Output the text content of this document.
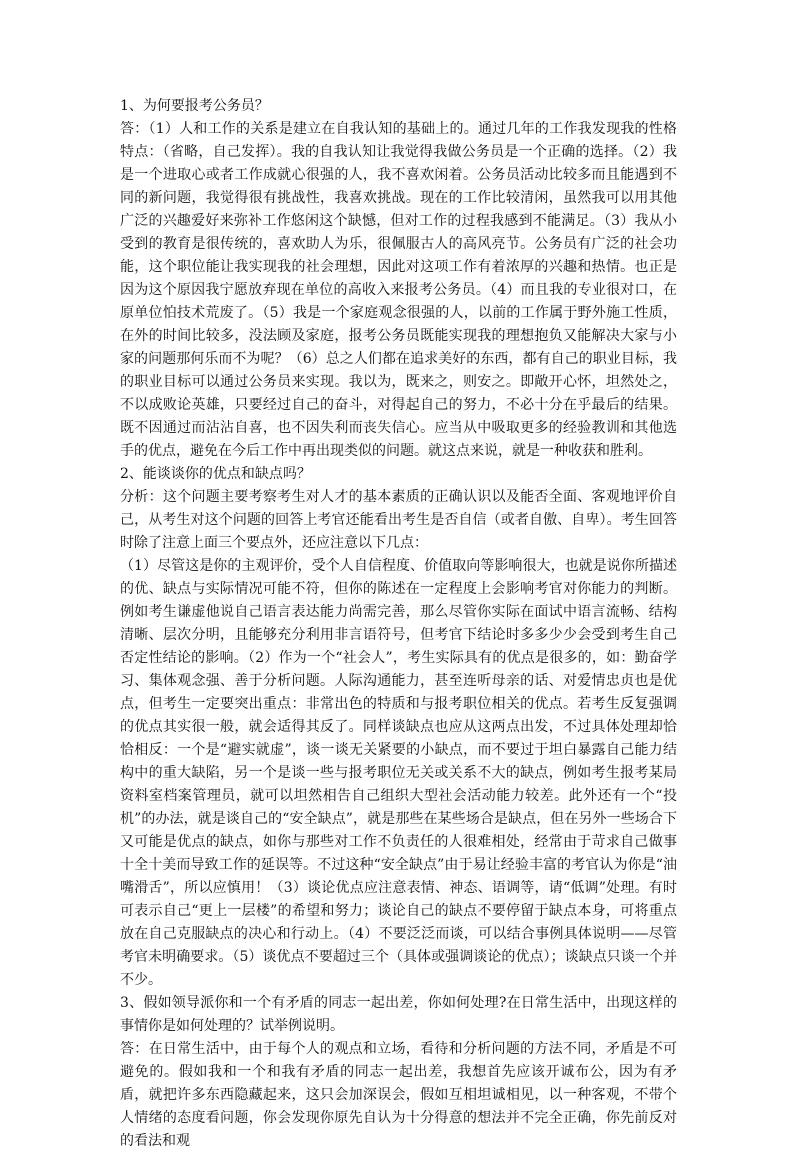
1、为何要报考公务员？

答：（1）人和工作的关系是建立在自我认知的基础上的。通过几年的工作我发现我的性格特点：（省略，自己发挥）。我的自我认知让我觉得我做公务员是一个正确的选择。（2）我是一个进取心或者工作成就心很强的人，我不喜欢闲着。公务员活动比较多而且能遇到不同的新问题，我觉得很有挑战性，我喜欢挑战。现在的工作比较清闲，虽然我可以用其他广泛的兴趣爱好来弥补工作悠闲这个缺憾，但对工作的过程我感到不能满足。（3）我从小受到的教育是很传统的，喜欢助人为乐，很佩服古人的高风亮节。公务员有广泛的社会功能，这个职位能让我实现我的社会理想，因此对这项工作有着浓厚的兴趣和热情。也正是因为这个原因我宁愿放弃现在单位的高收入来报考公务员。（4）而且我的专业很对口，在原单位怕技术荒废了。（5）我是一个家庭观念很强的人，以前的工作属于野外施工性质，在外的时间比较多，没法顾及家庭，报考公务员既能实现我的理想抱负又能解决大家与小家的问题那何乐而不为呢？（6）总之人们都在追求美好的东西，都有自己的职业目标，我的职业目标可以通过公务员来实现。我以为，既来之，则安之。即敞开心怀，坦然处之，不以成败论英雄，只要经过自己的奋斗，对得起自己的努力，不必十分在乎最后的结果。既不因通过而沾沾自喜，也不因失利而丧失信心。应当从中吸取更多的经验教训和其他选手的优点，避免在今后工作中再出现类似的问题。就这点来说，就是一种收获和胜利。

2、能谈谈你的优点和缺点吗？

分析：这个问题主要考察考生对人才的基本素质的正确认识以及能否全面、客观地评价自己，从考生对这个问题的回答上考官还能看出考生是否自信（或者自傲、自卑）。考生回答时除了注意上面三个要点外，还应注意以下几点：

（1）尽管这是你的主观评价，受个人自信程度、价值取向等影响很大，也就是说你所描述的优、缺点与实际情况可能不符，但你的陈述在一定程度上会影响考官对你能力的判断。例如考生谦虚他说自己语言表达能力尚需完善，那么尽管你实际在面试中语言流畅、结构清晰、层次分明，且能够充分利用非言语符号，但考官下结论时多多少少会受到考生自己否定性结论的影响。（2）作为一个“社会人”，考生实际具有的优点是很多的，如：勤奋学习、集体观念强、善于分析问题。人际沟通能力，甚至连听母亲的话、对爱情忠贞也是优点，但考生一定要突出重点：非常出色的特质和与报考职位相关的优点。若考生反复强调的优点其实很一般，就会适得其反了。同样谈缺点也应从这两点出发，不过具体处理却恰恰相反：一个是“避实就虚”，谈一谈无关紧要的小缺点，而不要过于坦白暴露自己能力结构中的重大缺陷，另一个是谈一些与报考职位无关或关系不大的缺点，例如考生报考某局资料室档案管理员，就可以坦然相告自己组织大型社会活动能力较差。此外还有一个“投机”的办法，就是谈自己的“安全缺点”，就是那些在某些场合是缺点，但在另外一些场合下又可能是优点的缺点，如你与那些对工作不负责任的人很难相处，经常由于苛求自己做事十全十美而导致工作的延误等。不过这种“安全缺点”由于易让经验丰富的考官认为你是“油嘴滑舌”，所以应慎用！（3）谈论优点应注意表情、神态、语调等，请“低调”处理。有时可表示自己“更上一层楼”的希望和努力；谈论自己的缺点不要停留于缺点本身，可将重点放在自己克服缺点的决心和行动上。（4）不要泛泛而谈，可以结合事例具体说明——尽管考官未明确要求。（5）谈优点不要超过三个（具体或强调谈论的优点）；谈缺点只谈一个并不少。

3、假如领导派你和一个有矛盾的同志一起出差，你如何处理?在日常生活中，出现这样的事情你是如何处理的？试举例说明。

答：在日常生活中，由于每个人的观点和立场，看待和分析问题的方法不同，矛盾是不可避免的。假如我和一个和我有矛盾的同志一起出差，我想首先应该开诚布公，因为有矛盾，就把许多东西隐藏起来，这只会加深误会，假如互相坦诚相见，以一种客观，不带个人情绪的态度看问题，你会发现你原先自认为十分得意的想法并不完全正确，你先前反对的看法和观
